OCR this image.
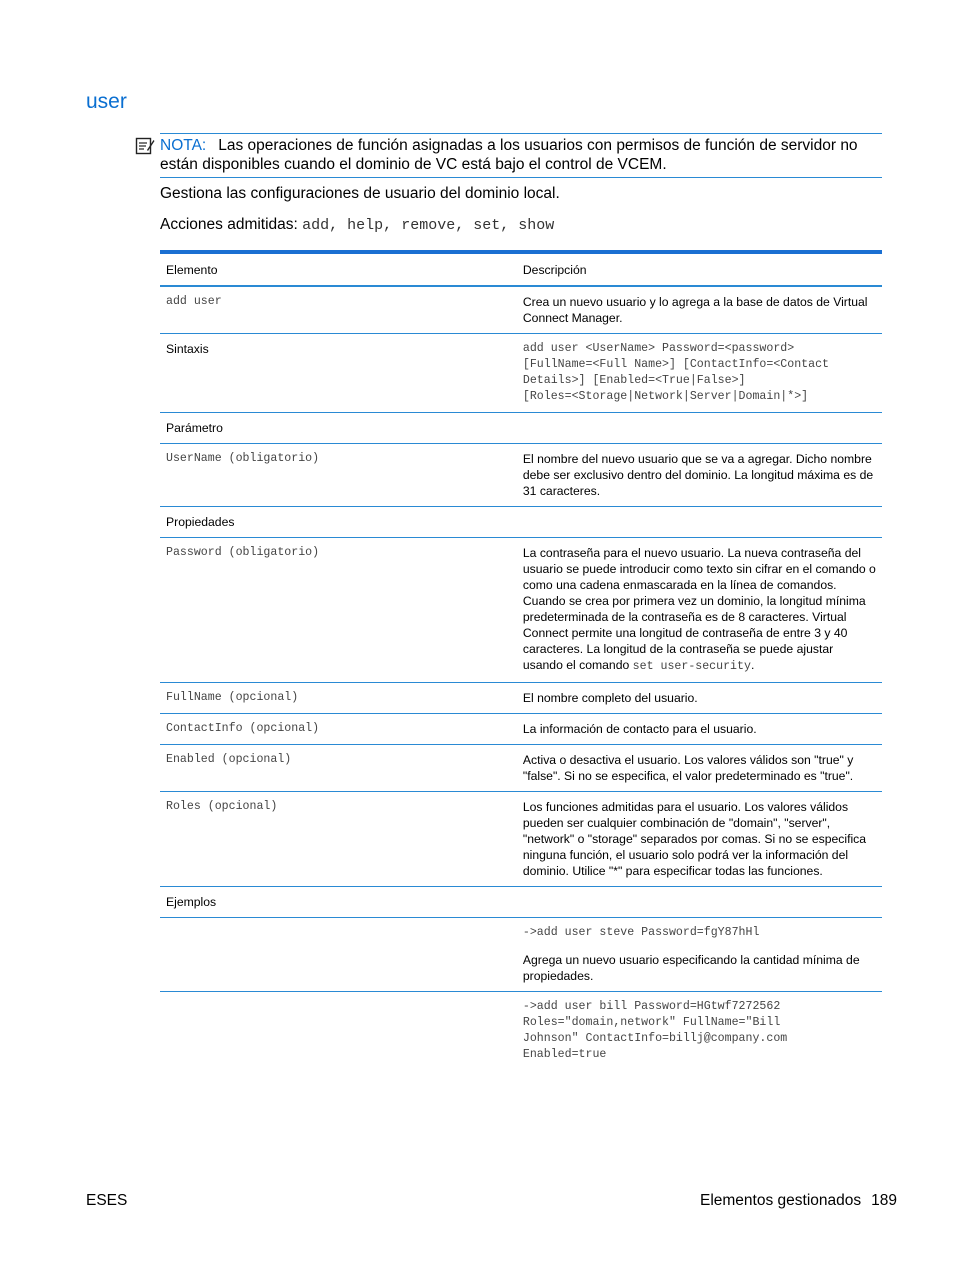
user
NOTA: Las operaciones de función asignadas a los usuarios con permisos de función de servidor no están disponibles cuando el dominio de VC está bajo el control de VCEM.
Gestiona las configuraciones de usuario del dominio local.
Acciones admitidas: add, help, remove, set, show
Elemento	Descripción
add user	Crea un nuevo usuario y lo agrega a la base de datos de Virtual Connect Manager.
Sintaxis	add user <UserName> Password=<password>
[FullName=<Full Name>] [ContactInfo=<Contact
Details>] [Enabled=<True|False>]
[Roles=<Storage|Network|Server|Domain|*>]

Parámetro	
UserName (obligatorio)	El nombre del nuevo usuario que se va a agregar. Dicho nombre debe ser exclusivo dentro del dominio. La longitud máxima es de 31 caracteres.
Propiedades	
Password (obligatorio)	La contraseña para el nuevo usuario. La nueva contraseña del usuario se puede introducir como texto sin cifrar en el comando o como una cadena enmascarada en la línea de comandos. Cuando se crea por primera vez un dominio, la longitud mínima predeterminada de la contraseña es de 8 caracteres. Virtual Connect permite una longitud de contraseña de entre 3 y 40 caracteres. La longitud de la contraseña se puede ajustar usando el comando set user-security.
FullName (opcional)	El nombre completo del usuario.
ContactInfo (opcional)	La información de contacto para el usuario.
Enabled (opcional)	Activa o desactiva el usuario. Los valores válidos son "true" y "false". Si no se especifica, el valor predeterminado es "true".
Roles (opcional)	Los funciones admitidas para el usuario. Los valores válidos pueden ser cualquier combinación de "domain", "server", "network" o "storage" separados por comas. Si no se especifica ninguna función, el usuario solo podrá ver la información del dominio. Utilice "*" para especificar todas las funciones.
Ejemplos	

	->add user steve Password=fgY87hHl
Agrega un nuevo usuario especificando la cantidad mínima de propiedades.

	->add user bill Password=HGtwf7272562
Roles="domain,network" FullName="Bill
Johnson" ContactInfo=billj@company.com
Enabled=true
ESES	Elementos gestionados 189
